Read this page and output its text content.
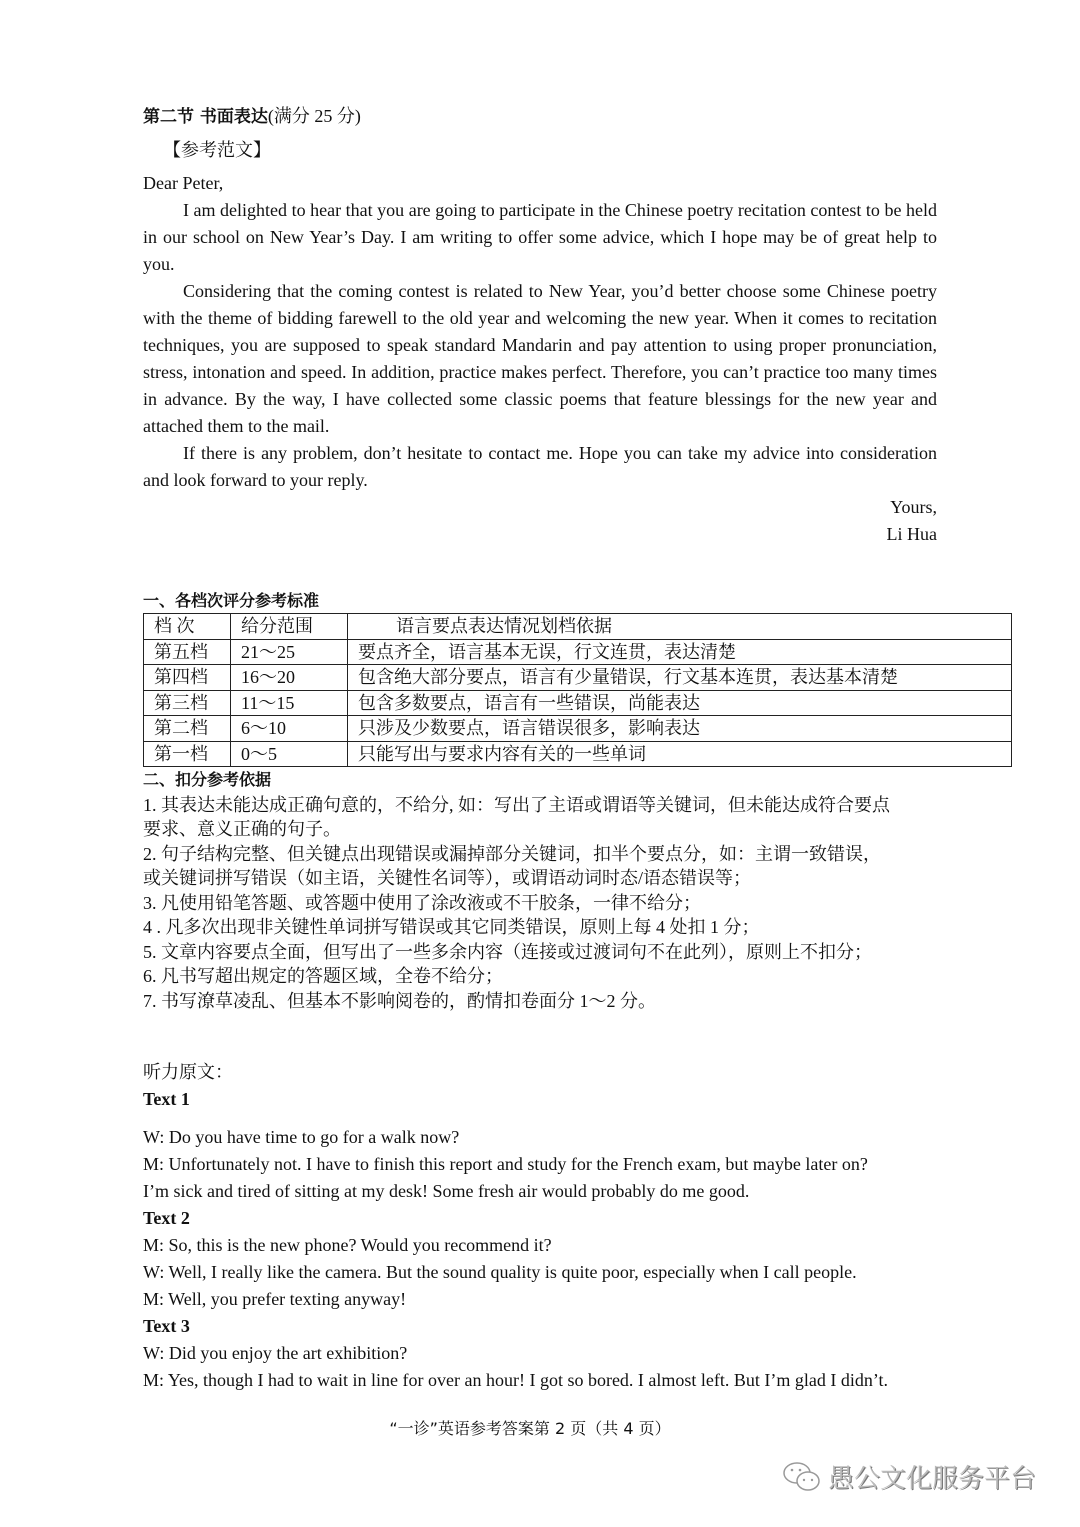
第二节 书面表达(满分 25 分)
【参考范文】
Dear Peter,
I am delighted to hear that you are going to participate in the Chinese poetry recitation contest to be held in our school on New Year’s Day. I am writing to offer some advice, which I hope may be of great help to you.
Considering that the coming contest is related to New Year, you’d better choose some Chinese poetry with the theme of bidding farewell to the old year and welcoming the new year. When it comes to recitation techniques, you are supposed to speak standard Mandarin and pay attention to using proper pronunciation, stress, intonation and speed. In addition, practice makes perfect. Therefore, you can’t practice too many times in advance. By the way, I have collected some classic poems that feature blessings for the new year and attached them to the mail.
If there is any problem, don’t hesitate to contact me. Hope you can take my advice into consideration and look forward to your reply.
Yours,
Li Hua
一、各档次评分参考标准
档 次	给分范围	语言要点表达情况划档依据
第五档	21～25	要点齐全，语言基本无误，行文连贯，表达清楚
第四档	16～20	包含绝大部分要点，语言有少量错误，行文基本连贯，表达基本清楚
第三档	11～15	包含多数要点，语言有一些错误，尚能表达
第二档	6～10	只涉及少数要点，语言错误很多，影响表达
第一档	0～5	只能写出与要求内容有关的一些单词
二、扣分参考依据
1. 其表达未能达成正确句意的，不给分, 如：写出了主语或谓语等关键词，但未能达成符合要点
要求、意义正确的句子。
2. 句子结构完整、但关键点出现错误或漏掉部分关键词，扣半个要点分，如：主谓一致错误，
或关键词拼写错误（如主语，关键性名词等），或谓语动词时态/语态错误等；
3. 凡使用铅笔答题、或答题中使用了涂改液或不干胶条，一律不给分；
4 . 凡多次出现非关键性单词拼写错误或其它同类错误，原则上每 4 处扣 1 分；
5. 文章内容要点全面，但写出了一些多余内容（连接或过渡词句不在此列），原则上不扣分；
6. 凡书写超出规定的答题区域，全卷不给分；
7. 书写潦草凌乱、但基本不影响阅卷的，酌情扣卷面分 1～2 分。
听力原文：
Text 1
W: Do you have time to go for a walk now?
M: Unfortunately not. I have to finish this report and study for the French exam, but maybe later on?
I’m sick and tired of sitting at my desk! Some fresh air would probably do me good.
Text 2
M: So, this is the new phone? Would you recommend it?
W: Well, I really like the camera. But the sound quality is quite poor, especially when I call people.
M: Well, you prefer texting anyway!
Text 3
W: Did you enjoy the art exhibition?
M: Yes, though I had to wait in line for over an hour! I got so bored. I almost left. But I’m glad I didn’t.
“一诊”英语参考答案第 2 页（共 4 页）
愚公文化服务平台
